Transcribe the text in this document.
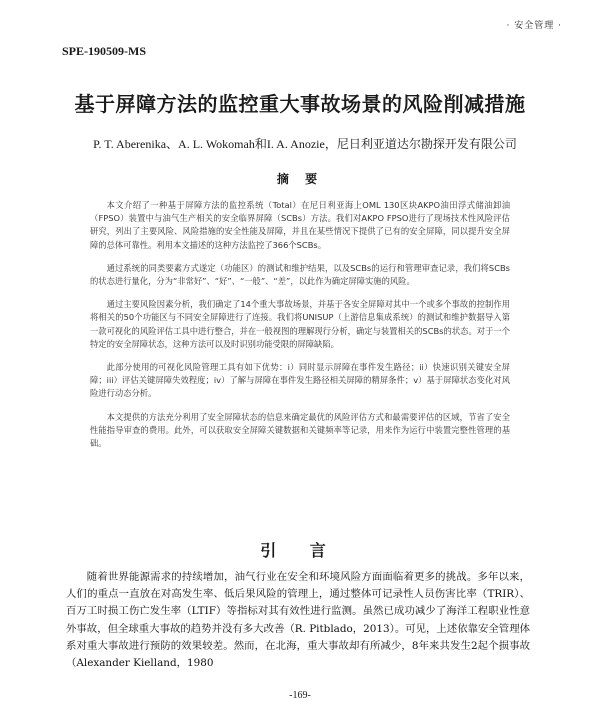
· 安全管理 ·
SPE-190509-MS
基于屏障方法的监控重大事故场景的风险削减措施
P. T. Aberenika、A. L. Wokomah和I. A. Anozie，尼日利亚道达尔勘探开发有限公司
摘 要

本文介绍了一种基于屏障方法的监控系统（Total）在尼日利亚海上OML 130区块AKPO油田浮式储油卸油（FPSO）装置中与油气生产相关的安全临界屏障（SCBs）方法。我们对AKPO FPSO进行了现场技术性风险评估研究，列出了主要风险、风险措施的安全性能及屏障，并且在某些情况下提供了已有的安全屏障，同以提升安全屏障的总体可靠性。利用本文描述的这种方法监控了366个SCBs。

通过系统的同类要素方式遂定（功能区）的测试和维护结果，以及SCBs的运行和管理审查记录，我们将SCBs的状态进行量化，分为“非常好”、“好”、“一般”、“差”，以此作为确定屏障实施的风险。

通过主要风险因素分析，我们确定了14个重大事故场景，并基于各安全屏障对其中一个或多个事故的控制作用将相关的50个功能区与不同安全屏障进行了连接。我们将UNISUP（上游信息集成系统）的测试和维护数据导入第一款可视化的风险评估工具中进行整合，并在一般视图的理解现行分析，确定与装置相关的SCBs的状态。对于一个特定的安全屏障状态，这种方法可以及时识别功能受限的屏障缺陷。

此部分使用的可视化风险管理工具有如下优势：i）同时显示屏障在事件发生路径；ii）快速识别关键安全屏障；iii）评估关键屏障失效程度；iv）了解与屏障在事件发生路径相关屏障的精屏条件；v）基于屏障状态变化对风险进行动态分析。

本文提供的方法充分利用了安全屏障状态的信息来确定最优的风险评估方式和最需要评估的区域，节省了安全性能指导审查的费用。此外，可以获取安全屏障关键数据和关键频率等记录，用来作为运行中装置完整性管理的基础。

引 言

随着世界能源需求的持续增加，油气行业在安全和环境风险方面面临着更多的挑战。多年以来，人们的重点一直放在对高发生率、低后果风险的管理上，通过整体可记录性人员伤害比率（TRIR）、百万工时损工伤亡发生率（LTIF）等指标对其有效性进行监测。虽然已成功减少了海洋工程职业性意外事故，但全球重大事故的趋势并没有多大改善（R. Pitblado，2013）。可见，上述依靠安全管理体系对重大事故进行预防的效果较差。然而，在北海，重大事故却有所减少，8年来共发生2起个损事故（Alexander Kielland，1980

-169-
